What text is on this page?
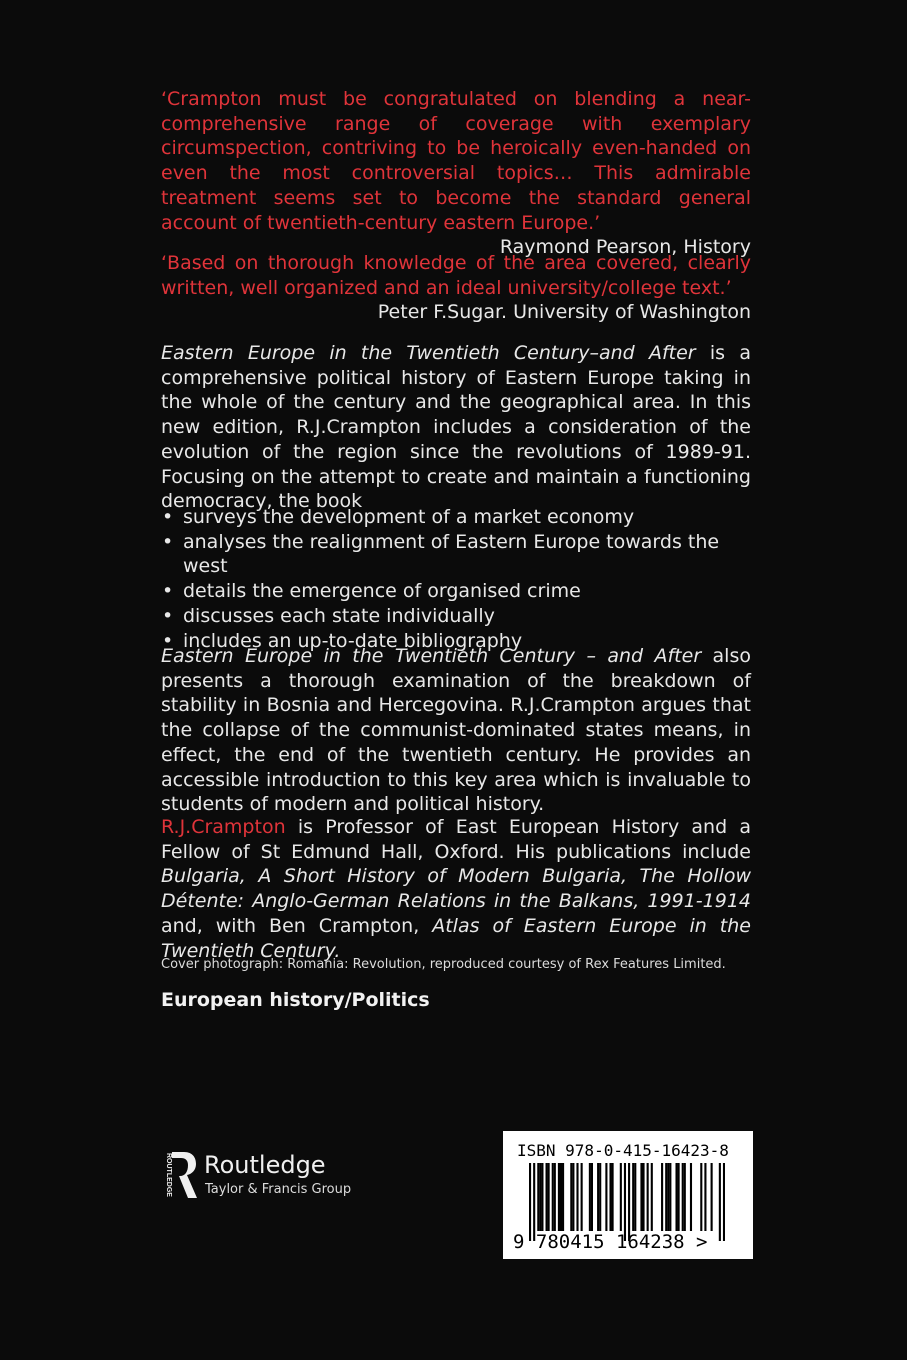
‘Crampton must be congratulated on blending a near-comprehensive range of coverage with exemplary circumspection, contriving to be heroically even-handed on even the most controversial topics… This admirable treatment seems set to become the standard general account of twentieth-century eastern Europe.’
Raymond Pearson, History
‘Based on thorough knowledge of the area covered, clearly written, well organized and an ideal university/college text.’
Peter F.Sugar. University of Washington
Eastern Europe in the Twentieth Century–and After is a comprehensive political history of Eastern Europe taking in the whole of the century and the geographical area. In this new edition, R.J.Crampton includes a consideration of the evolution of the region since the revolutions of 1989-91. Focusing on the attempt to create and maintain a functioning democracy, the book
• surveys the development of a market economy
• analyses the realignment of Eastern Europe towards the west
• details the emergence of organised crime
• discusses each state individually
• includes an up-to-date bibliography
Eastern Europe in the Twentieth Century – and After also presents a thorough examination of the breakdown of stability in Bosnia and Hercegovina. R.J.Crampton argues that the collapse of the communist-dominated states means, in effect, the end of the twentieth century. He provides an accessible introduction to this key area which is invaluable to students of modern and political history.
R.J.Crampton is Professor of East European History and a Fellow of St Edmund Hall, Oxford. His publications include Bulgaria, A Short History of Modern Bulgaria, The Hollow Détente: Anglo-German Relations in the Balkans, 1991-1914 and, with Ben Crampton, Atlas of Eastern Europe in the Twentieth Century.
Cover photograph: Romania: Revolution, reproduced courtesy of Rex Features Limited.
European history/Politics
ROUTLEDGE Routledge
Taylor & Francis Group
ISBN 978-0-415-16423-8
9 780415 164238 >
